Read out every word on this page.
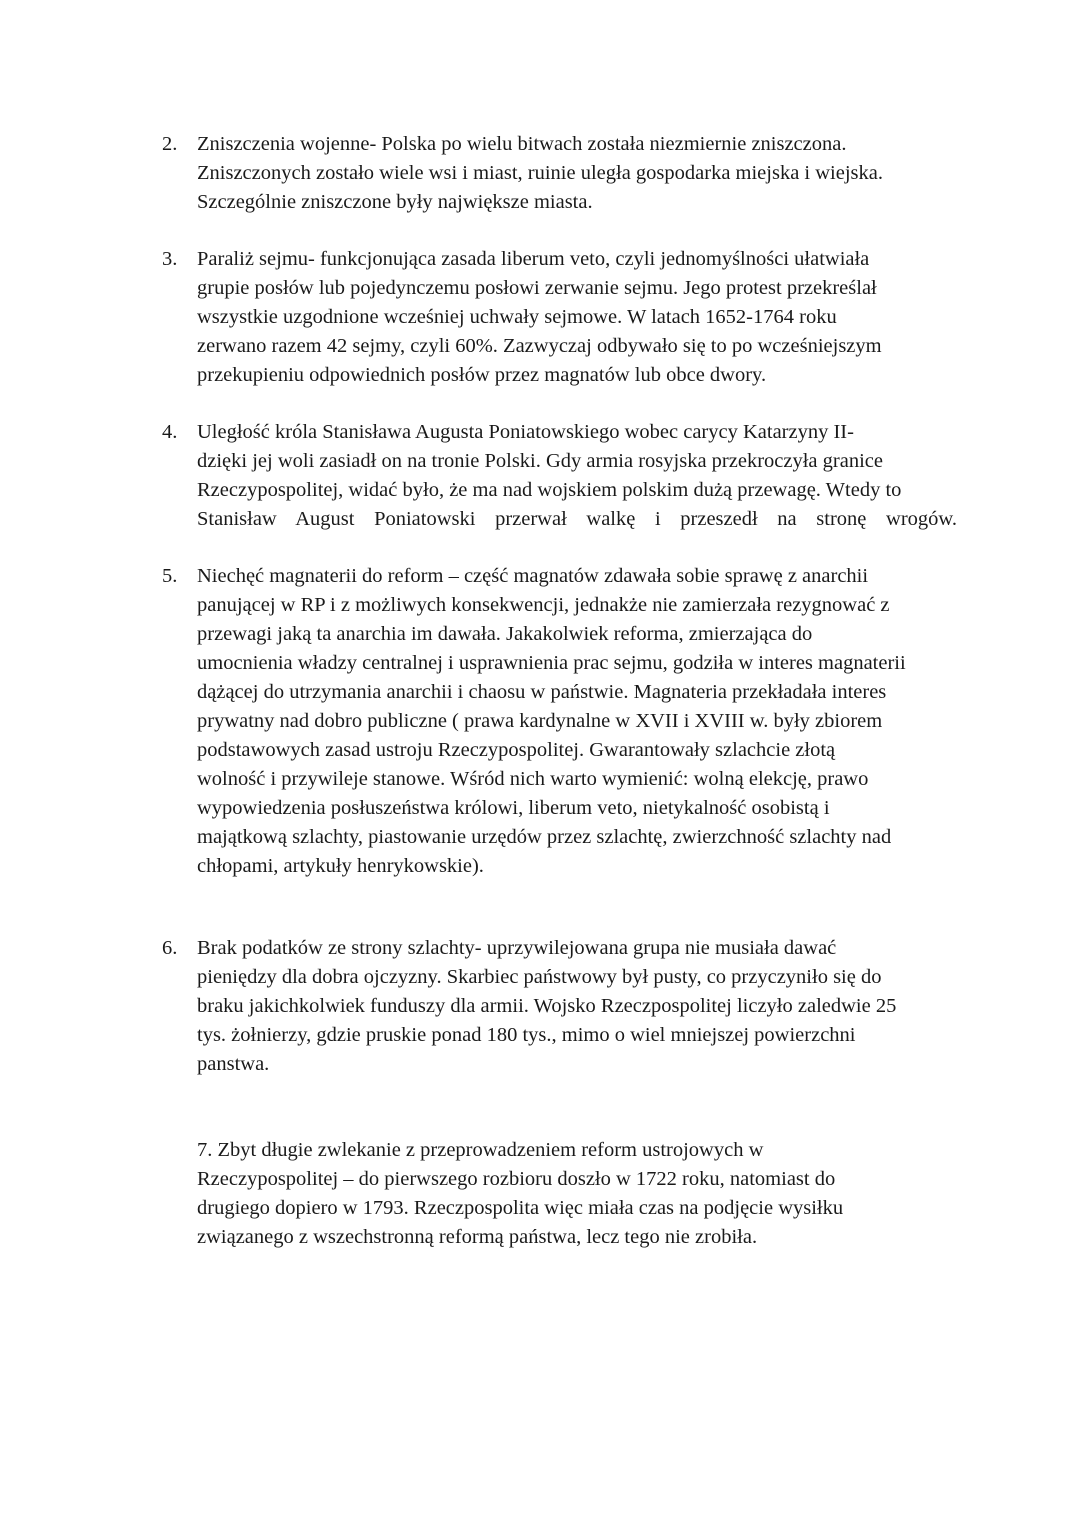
2. Zniszczenia wojenne- Polska po wielu bitwach została niezmiernie zniszczona.
Zniszczonych zostało wiele wsi i miast, ruinie uległa gospodarka miejska i wiejska.
Szczególnie zniszczone były największe miasta.
3. Paraliż sejmu- funkcjonująca zasada liberum veto, czyli jednomyślności ułatwiała
grupie posłów lub pojedynczemu posłowi zerwanie sejmu. Jego protest przekreślał
wszystkie uzgodnione wcześniej uchwały sejmowe. W latach 1652-1764 roku
zerwano razem 42 sejmy, czyli 60%. Zazwyczaj odbywało się to po wcześniejszym
przekupieniu odpowiednich posłów przez magnatów lub obce dwory.
4. Uległość króla Stanisława Augusta Poniatowskiego wobec carycy Katarzyny II-
dzięki jej woli zasiadł on na tronie Polski. Gdy armia rosyjska przekroczyła granice
Rzeczypospolitej, widać było, że ma nad wojskiem polskim dużą przewagę. Wtedy to
Stanisław August Poniatowski przerwał walkę i przeszedł na stronę wrogów.
5. Niechęć magnaterii do reform – część magnatów zdawała sobie sprawę z anarchii
panującej w RP i z możliwych konsekwencji, jednakże nie zamierzała rezygnować z
przewagi jaką ta anarchia im dawała. Jakakolwiek reforma, zmierzająca do
umocnienia władzy centralnej i usprawnienia prac sejmu, godziła w interes magnaterii
dążącej do utrzymania anarchii i chaosu w państwie. Magnateria przekładała interes
prywatny nad dobro publiczne ( prawa kardynalne w XVII i XVIII w. były zbiorem
podstawowych zasad ustroju Rzeczypospolitej. Gwarantowały szlachcie złotą
wolność i przywileje stanowe. Wśród nich warto wymienić: wolną elekcję, prawo
wypowiedzenia posłuszeństwa królowi, liberum veto, nietykalność osobistą i
majątkową szlachty, piastowanie urzędów przez szlachtę, zwierzchność szlachty nad
chłopami, artykuły henrykowskie).
6. Brak podatków ze strony szlachty- uprzywilejowana grupa nie musiała dawać
pieniędzy dla dobra ojczyzny. Skarbiec państwowy był pusty, co przyczyniło się do
braku jakichkolwiek funduszy dla armii. Wojsko Rzeczpospolitej liczyło zaledwie 25
tys. żołnierzy, gdzie pruskie ponad 180 tys., mimo o wiel mniejszej powierzchni
panstwa.
7. Zbyt długie zwlekanie z przeprowadzeniem reform ustrojowych w
Rzeczypospolitej – do pierwszego rozbioru doszło w 1722 roku, natomiast do
drugiego dopiero w 1793. Rzeczpospolita więc miała czas na podjęcie wysiłku
związanego z wszechstronną reformą państwa, lecz tego nie zrobiła.
